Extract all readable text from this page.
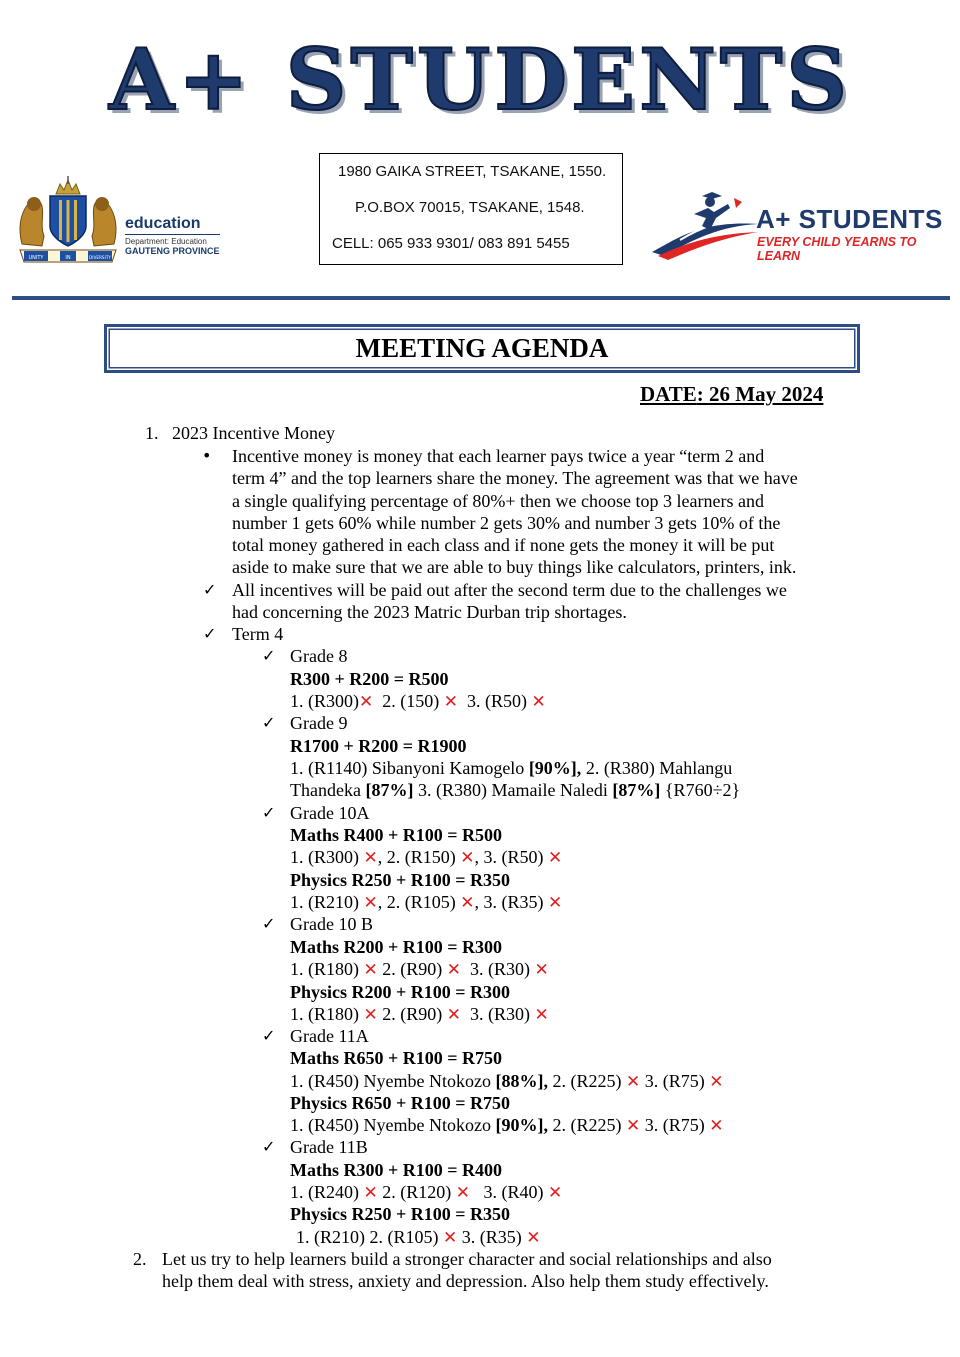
A+ STUDENTS
1980 GAIKA STREET, TSAKANE, 1550.
P.O.BOX 70015, TSAKANE, 1548.
CELL: 065 933 9301/ 083 891 5455
UNITY	IN	DIVERSITY
education
Department: Education
GAUTENG PROVINCE
A+ STUDENTS
EVERY CHILD YEARNS TO LEARN
MEETING AGENDA
DATE: 26 May 2024
1. 2023 Incentive Money
• Incentive money is money that each learner pays twice a year “term 2 and
term 4” and the top learners share the money. The agreement was that we have
a single qualifying percentage of 80%+ then we choose top 3 learners and
number 1 gets 60% while number 2 gets 30% and number 3 gets 10% of the
total money gathered in each class and if none gets the money it will be put
aside to make sure that we are able to buy things like calculators, printers, ink.
✓ All incentives will be paid out after the second term due to the challenges we
had concerning the 2023 Matric Durban trip shortages.
✓ Term 4
✓ Grade 8
R300 + R200 = R500
1. (R300)✕ 2. (150) ✕ 3. (R50) ✕
✓ Grade 9
R1700 + R200 = R1900
1. (R1140) Sibanyoni Kamogelo [90%], 2. (R380) Mahlangu
Thandeka [87%] 3. (R380) Mamaile Naledi [87%] {R760÷2}
✓ Grade 10A
Maths R400 + R100 = R500
1. (R300) ✕, 2. (R150) ✕, 3. (R50) ✕
Physics R250 + R100 = R350
1. (R210) ✕, 2. (R105) ✕, 3. (R35) ✕
✓ Grade 10 B
Maths R200 + R100 = R300
1. (R180) ✕ 2. (R90) ✕ 3. (R30) ✕
Physics R200 + R100 = R300
1. (R180) ✕ 2. (R90) ✕ 3. (R30) ✕
✓ Grade 11A
Maths R650 + R100 = R750
1. (R450) Nyembe Ntokozo [88%], 2. (R225) ✕ 3. (R75) ✕
Physics R650 + R100 = R750
1. (R450) Nyembe Ntokozo [90%], 2. (R225) ✕ 3. (R75) ✕
✓ Grade 11B
Maths R300 + R100 = R400
1. (R240) ✕ 2. (R120) ✕ 3. (R40) ✕
Physics R250 + R100 = R350
1. (R210) 2. (R105) ✕ 3. (R35) ✕
2. Let us try to help learners build a stronger character and social relationships and also
help them deal with stress, anxiety and depression. Also help them study effectively.
